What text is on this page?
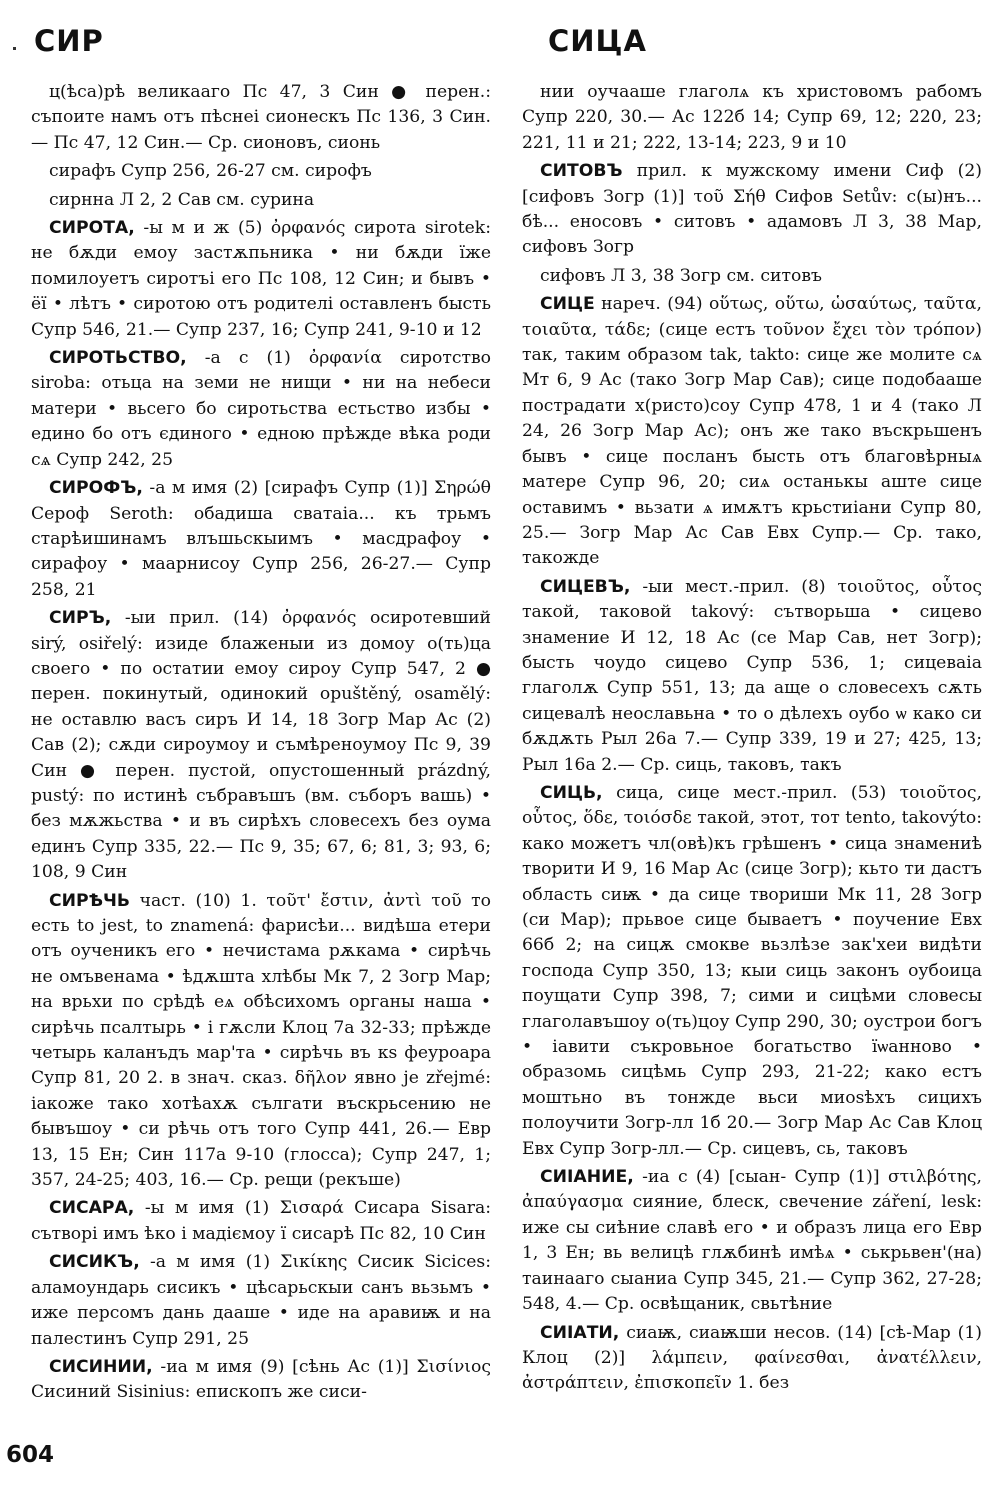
СИР	СИЦА

ц(ѣса)рѣ великааго Пс 47, 3 Син ● перен.: съпоите намъ отъ пѣснеі сионескъ Пс 136, 3 Син.— Пс 47, 12 Син.— Ср. сионовъ, сионь

сирафъ Супр 256, 26-27 см. сирофъ

сирнна Л 2, 2 Сав см. сурина

СИРОТА, -ы м и ж (5) ὀρφανός сирота sirotek: не бѫди емоу застѫпьника • ни бѫди їже помилоуетъ сиротъі его Пс 108, 12 Син; и бывъ • ёї • лѣтъ • сиротою отъ родителі оставленъ бысть Супр 546, 21.— Супр 237, 16; Супр 241, 9-10 и 12

СИРОТЬСТВО, -а с (1) ὀρφανία сиротство siroba: отьца на земи не нищи • ни на небеси матери • вьсего бо сиротьства естьство избы • едино бо отъ єдиного • едною прѣжде вѣка роди сѧ Супр 242, 25

СИРОФЪ, -а м имя (2) [сирафъ Супр (1)] Σηρώθ Сероф Seroth: обадиша сватаіа... къ трьмъ старѣишинамъ влъшьскыимъ • масдрафоу • сирафоу • маарнисоу Супр 256, 26-27.— Супр 258, 21

СИРЪ, -ыи прил. (14) ὀρφανός осиротевший sirý, osiřelý: изиде блаженыи из домоу о(ть)ца своего • по остатии емоу сироу Супр 547, 2 ● перен. покинутый, одинокий opuštěný, osamělý: не оставлю васъ сиръ И 14, 18 Зогр Мар Ас (2) Сав (2); сѫди сироумоу и съмѣреноумоу Пс 9, 39 Син ● перен. пустой, опустошенный prázdný, pustý: по истинѣ събравъшъ (вм. съборъ вашь) • без мѫжьства • и въ сирѣхъ словесехъ без оума единъ Супр 335, 22.— Пс 9, 35; 67, 6; 81, 3; 93, 6; 108, 9 Син

СИРѢЧЬ част. (10) 1. τοῦτ' ἔστιν, ἀντὶ τοῦ то есть to jest, to znamená: фарисѣи... видѣша етери отъ оученикъ его • нечистама рѫкама • сирѣчь не омъвенама • ѣдѫшта хлѣбы Мк 7, 2 Зогр Мар; на врьхи по срѣдѣ еѧ обѣсихомъ органы наша • сирѣчь псалтырь • і гѫсли Клоц 7а 32-33; прѣжде четырь каланъдъ мар'та • сирѣчь въ кѕ феуроара Супр 81, 20 2. в знач. сказ. δῆλον явно je zřejmé: іакоже тако хотѣахѫ сългати въскрьсению не бывъшоу • си рѣчь отъ того Супр 441, 26.— Евр 13, 15 Ен; Син 117а 9-10 (глосса); Супр 247, 1; 357, 24-25; 403, 16.— Ср. рещи (рекъше)

СИСАРА, -ы м имя (1) Σισαρά Сисара Sisara: сътворі имъ ѣко і мадіємоу ї сисарѣ Пс 82, 10 Син

СИСИКЪ, -а м имя (1) Σικίκης Сисик Sicices: аламоундарь сисикъ • цѣсарьскыи санъ вьзьмъ • иже персомъ дань дааше • иде на аравиѭ и на палестинъ Супр 291, 25

СИСИНИИ, -иа м имя (9) [сѣнь Ас (1)] Σισίνιος Сисиний Sisinius: епископъ же сиси-

нии оучааше глаголѧ къ христовомъ рабомъ Супр 220, 30.— Ас 122б 14; Супр 69, 12; 220, 23; 221, 11 и 21; 222, 13-14; 223, 9 и 10

СИТОВЪ прил. к мужскому имени Сиф (2) [сифовъ Зогр (1)] τοῦ Σήθ Сифов Setův: с(ы)нъ... бѣ... еносовъ • ситовъ • адамовъ Л 3, 38 Мар, сифовъ Зогр

сифовъ Л 3, 38 Зогр см. ситовъ

СИЦЕ нареч. (94) οὕτως, οὕτω, ὡσαύτως, ταῦτα, τοιαῦτα, τάδε; (сице естъ τοῦνον ἔχει τὸν τρόπον) так, таким образом tak, takto: сице же молите сѧ Мт 6, 9 Ас (тако Зогр Мар Сав); сице подобааше пострадати х(ристо)соу Супр 478, 1 и 4 (тако Л 24, 26 Зогр Мар Ас); онъ же тако въскрьшенъ бывъ • сице посланъ бысть отъ благовѣрныѧ матере Супр 96, 20; сиѧ останькы аште сице оставимъ • вьзати ѧ имѫтъ крьстиіани Супр 80, 25.— Зогр Мар Ас Сав Евх Супр.— Ср. тако, такожде

СИЦЕВЪ, -ыи мест.-прил. (8) τοιοῦτος, οὗτος такой, таковой takový: сътворьша • сицево знамение И 12, 18 Ас (се Мар Сав, нет Зогр); бысть чоудо сицево Супр 536, 1; сицеваіа глаголѫ Супр 551, 13; да аще о словесехъ сѫть сицевалѣ неославьна • то о дѣлехъ оубо ѡ како си бѫдѫть Рыл 26а 7.— Супр 339, 19 и 27; 425, 13; Рыл 16а 2.— Ср. сиць, таковъ, такъ

СИЦЬ, сица, сице мест.-прил. (53) τοιοῦτος, οὗτος, ὅδε, τοιόσδε такой, этот, тот tento, takovýto: како можетъ чл(овѣ)къ грѣшенъ • сица знамениѣ творити И 9, 16 Мар Ас (сице Зогр); кьто ти дастъ область сиѭ • да сице твориши Мк 11, 28 Зогр (си Мар); прьвое сице бываетъ • поучение Евх 66б 2; на сицѫ смокве вьзлѣзе зак'хеи видѣти господа Супр 350, 13; кыи сиць законъ оубоица поущати Супр 398, 7; сими и сицѣми словесы глаголавъшоу о(ть)цоу Супр 290, 30; оустрои богъ • іавити съкровьное богатьство їѡанново • образомь сицѣмь Супр 293, 21-22; како естъ моштьно въ тонжде вьси миоѕѣхъ сицихъ полоучити Зогр-лл 1б 20.— Зогр Мар Ас Сав Клоц Евх Супр Зогр-лл.— Ср. сицевъ, сь, таковъ

СИІАНИЕ, -иа с (4) [сыан- Супр (1)] στιλβότης, ἀπαύγασμα сияние, блеск, свечение záření, lesk: иже сы сиѣние славѣ его • и образъ лица его Евр 1, 3 Ен; вь велицѣ глѫбинѣ имѣѧ • ськрьвен'(на) таинааго сыаниа Супр 345, 21.— Супр 362, 27-28; 548, 4.— Ср. освѣщаник, свьтѣние

СИІАТИ, сиаѭ, сиаѭши несов. (14) [сѣ-Мар (1) Клоц (2)] λάμπειν, φαίνεσθαι, ἀνατέλλειν, ἀστράπτειν, ἐπισκοπεῖν 1. без

604
